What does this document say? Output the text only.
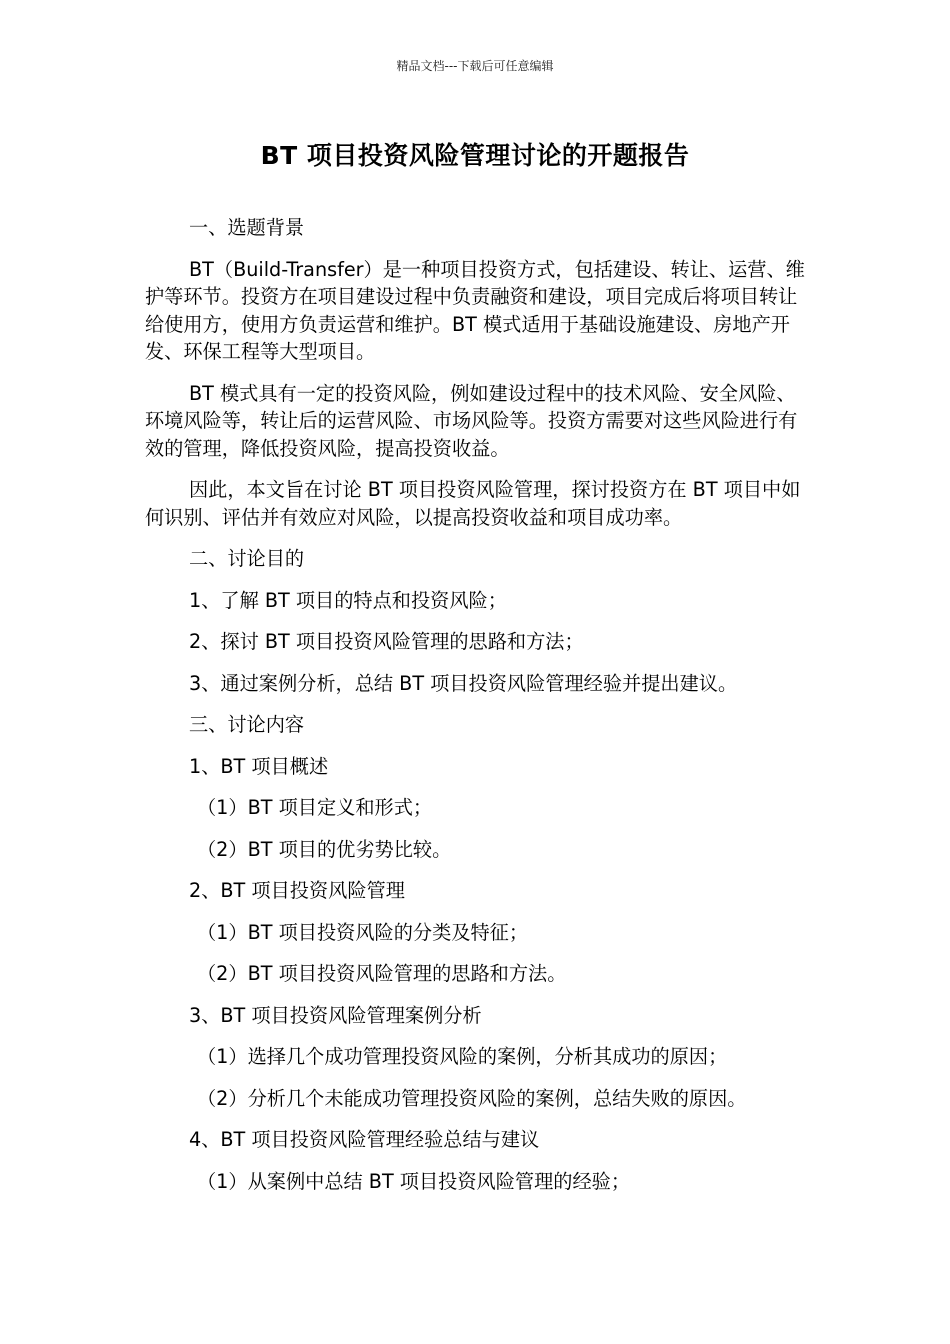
精品文档---下载后可任意编辑
BT 项目投资风险管理讨论的开题报告

一、选题背景

BT（Build-Transfer）是一种项目投资方式，包括建设、转让、运营、维护等环节。投资方在项目建设过程中负责融资和建设，项目完成后将项目转让给使用方，使用方负责运营和维护。BT 模式适用于基础设施建设、房地产开发、环保工程等大型项目。

BT 模式具有一定的投资风险，例如建设过程中的技术风险、安全风险、环境风险等，转让后的运营风险、市场风险等。投资方需要对这些风险进行有效的管理，降低投资风险，提高投资收益。

因此，本文旨在讨论 BT 项目投资风险管理，探讨投资方在 BT 项目中如何识别、评估并有效应对风险，以提高投资收益和项目成功率。

二、讨论目的

1、了解 BT 项目的特点和投资风险；

2、探讨 BT 项目投资风险管理的思路和方法；

3、通过案例分析，总结 BT 项目投资风险管理经验并提出建议。

三、讨论内容

1、BT 项目概述

（1）BT 项目定义和形式；

（2）BT 项目的优劣势比较。

2、BT 项目投资风险管理

（1）BT 项目投资风险的分类及特征；

（2）BT 项目投资风险管理的思路和方法。

3、BT 项目投资风险管理案例分析

（1）选择几个成功管理投资风险的案例，分析其成功的原因；

（2）分析几个未能成功管理投资风险的案例，总结失败的原因。

4、BT 项目投资风险管理经验总结与建议

（1）从案例中总结 BT 项目投资风险管理的经验；
